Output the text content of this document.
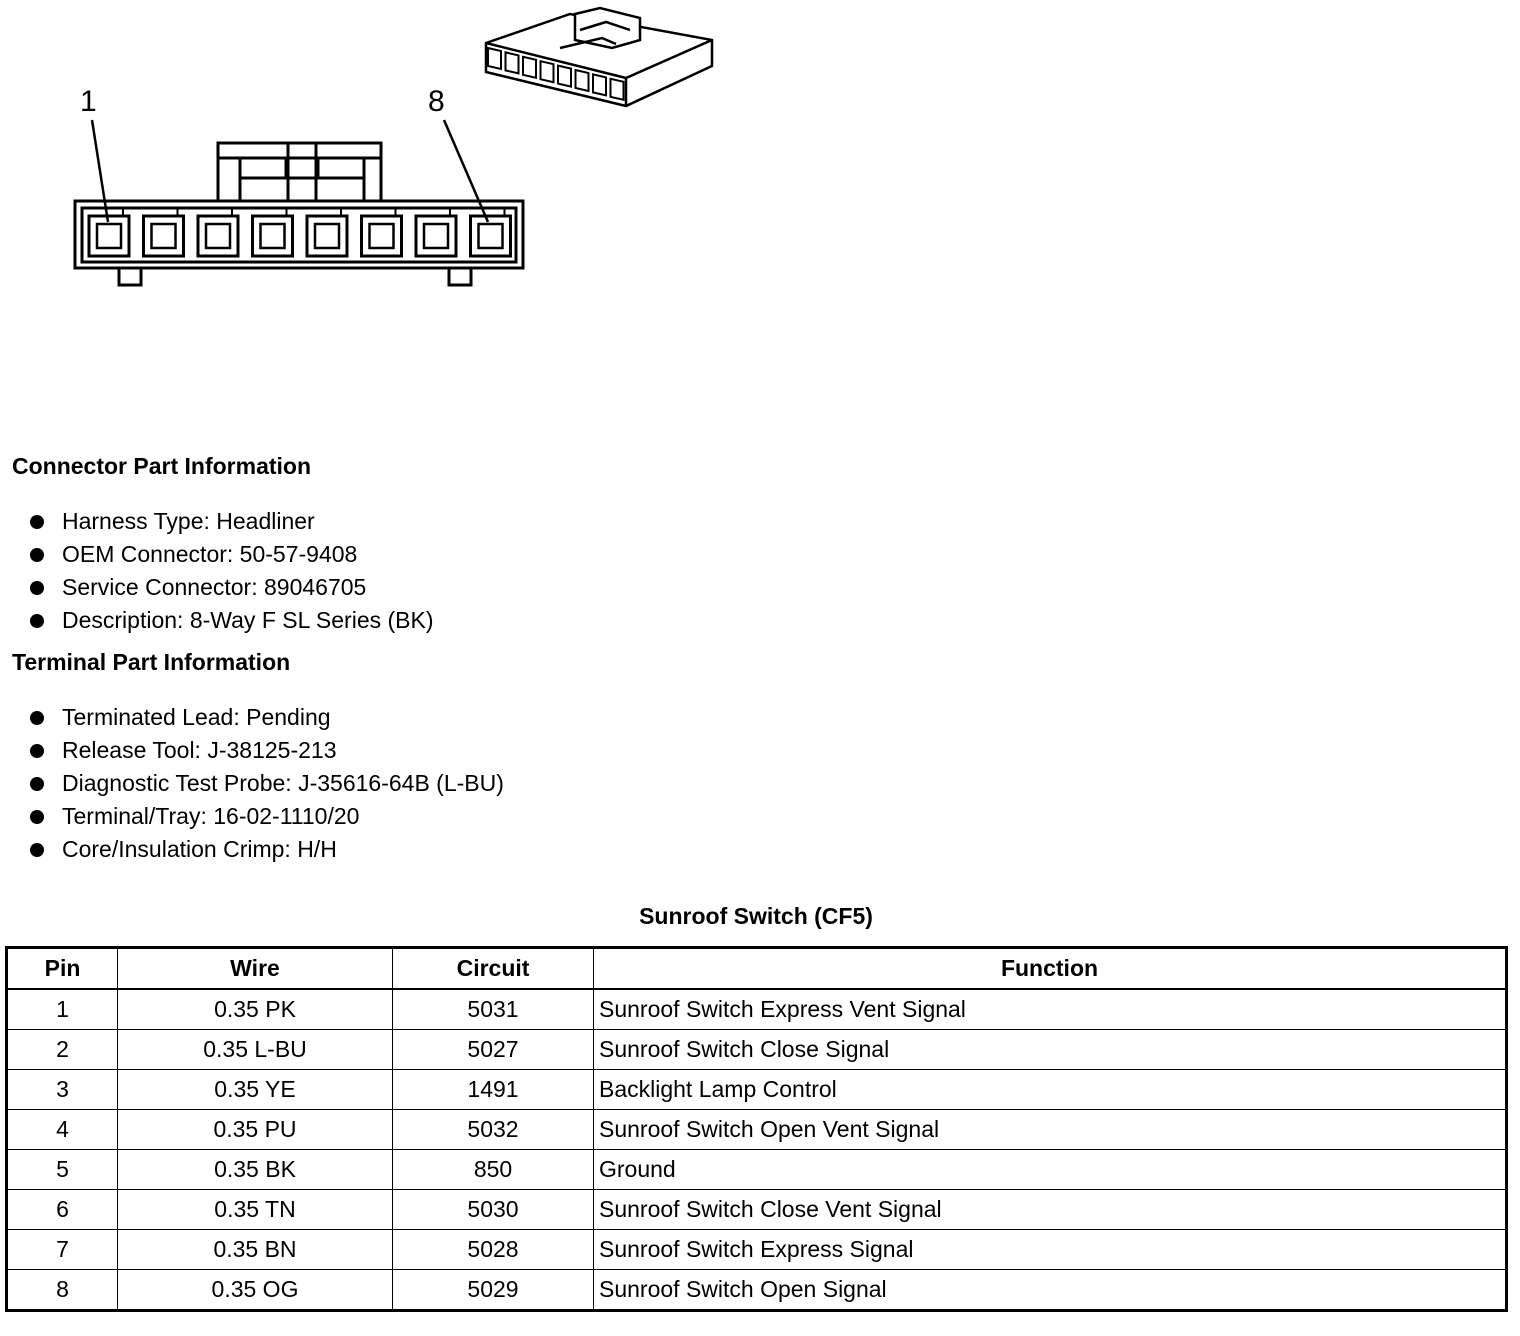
1	8
Connector Part Information
Harness Type: Headliner
OEM Connector: 50-57-9408
Service Connector: 89046705
Description: 8-Way F SL Series (BK)
Terminal Part Information
Terminated Lead: Pending
Release Tool: J-38125-213
Diagnostic Test Probe: J-35616-64B (L-BU)
Terminal/Tray: 16-02-1110/20
Core/Insulation Crimp: H/H
Sunroof Switch (CF5)
Pin	Wire	Circuit	Function
1	0.35 PK	5031	Sunroof Switch Express Vent Signal
2	0.35 L-BU	5027	Sunroof Switch Close Signal
3	0.35 YE	1491	Backlight Lamp Control
4	0.35 PU	5032	Sunroof Switch Open Vent Signal
5	0.35 BK	850	Ground
6	0.35 TN	5030	Sunroof Switch Close Vent Signal
7	0.35 BN	5028	Sunroof Switch Express Signal
8	0.35 OG	5029	Sunroof Switch Open Signal
